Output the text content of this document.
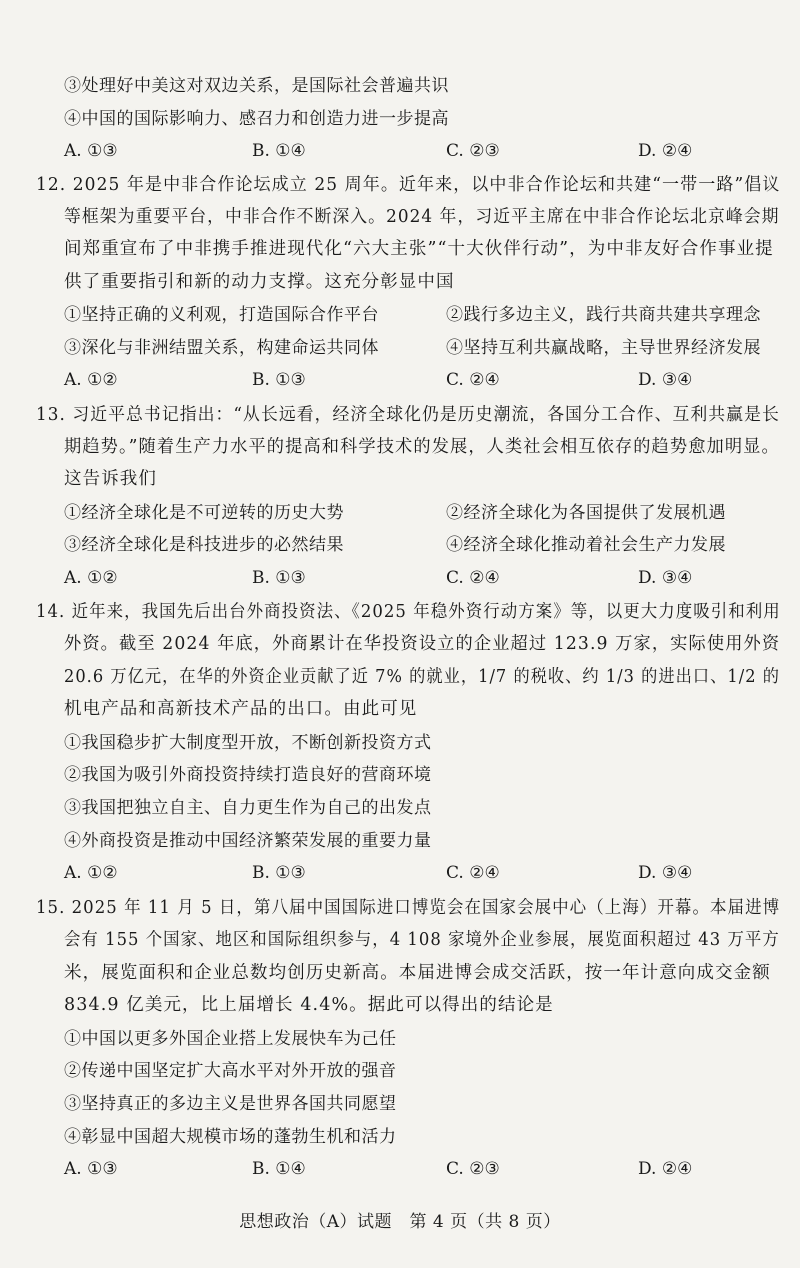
③处理好中美这对双边关系，是国际社会普遍共识
④中国的国际影响力、感召力和创造力进一步提高
A. ①③	B. ①④	C. ②③	D. ②④
12. 2025 年是中非合作论坛成立 25 周年。近年来，以中非合作论坛和共建“一带一路”倡议
等框架为重要平台，中非合作不断深入。2024 年，习近平主席在中非合作论坛北京峰会期
间郑重宣布了中非携手推进现代化“六大主张”“十大伙伴行动”，为中非友好合作事业提
供了重要指引和新的动力支撑。这充分彰显中国
①坚持正确的义利观，打造国际合作平台	②践行多边主义，践行共商共建共享理念
③深化与非洲结盟关系，构建命运共同体	④坚持互利共赢战略，主导世界经济发展
A. ①②	B. ①③	C. ②④	D. ③④
13. 习近平总书记指出：“从长远看，经济全球化仍是历史潮流，各国分工合作、互利共赢是长
期趋势。”随着生产力水平的提高和科学技术的发展，人类社会相互依存的趋势愈加明显。
这告诉我们
①经济全球化是不可逆转的历史大势	②经济全球化为各国提供了发展机遇
③经济全球化是科技进步的必然结果	④经济全球化推动着社会生产力发展
A. ①②	B. ①③	C. ②④	D. ③④
14. 近年来，我国先后出台外商投资法、《2025 年稳外资行动方案》等，以更大力度吸引和利用
外资。截至 2024 年底，外商累计在华投资设立的企业超过 123.9 万家，实际使用外资
20.6 万亿元，在华的外资企业贡献了近 7% 的就业，1/7 的税收、约 1/3 的进出口、1/2 的
机电产品和高新技术产品的出口。由此可见
①我国稳步扩大制度型开放，不断创新投资方式
②我国为吸引外商投资持续打造良好的营商环境
③我国把独立自主、自力更生作为自己的出发点
④外商投资是推动中国经济繁荣发展的重要力量
A. ①②	B. ①③	C. ②④	D. ③④
15. 2025 年 11 月 5 日，第八届中国国际进口博览会在国家会展中心（上海）开幕。本届进博
会有 155 个国家、地区和国际组织参与，4 108 家境外企业参展，展览面积超过 43 万平方
米，展览面积和企业总数均创历史新高。本届进博会成交活跃，按一年计意向成交金额
834.9 亿美元，比上届增长 4.4%。据此可以得出的结论是
①中国以更多外国企业搭上发展快车为己任
②传递中国坚定扩大高水平对外开放的强音
③坚持真正的多边主义是世界各国共同愿望
④彰显中国超大规模市场的蓬勃生机和活力
A. ①③	B. ①④	C. ②③	D. ②④
思想政治（A）试题　第 4 页（共 8 页）
